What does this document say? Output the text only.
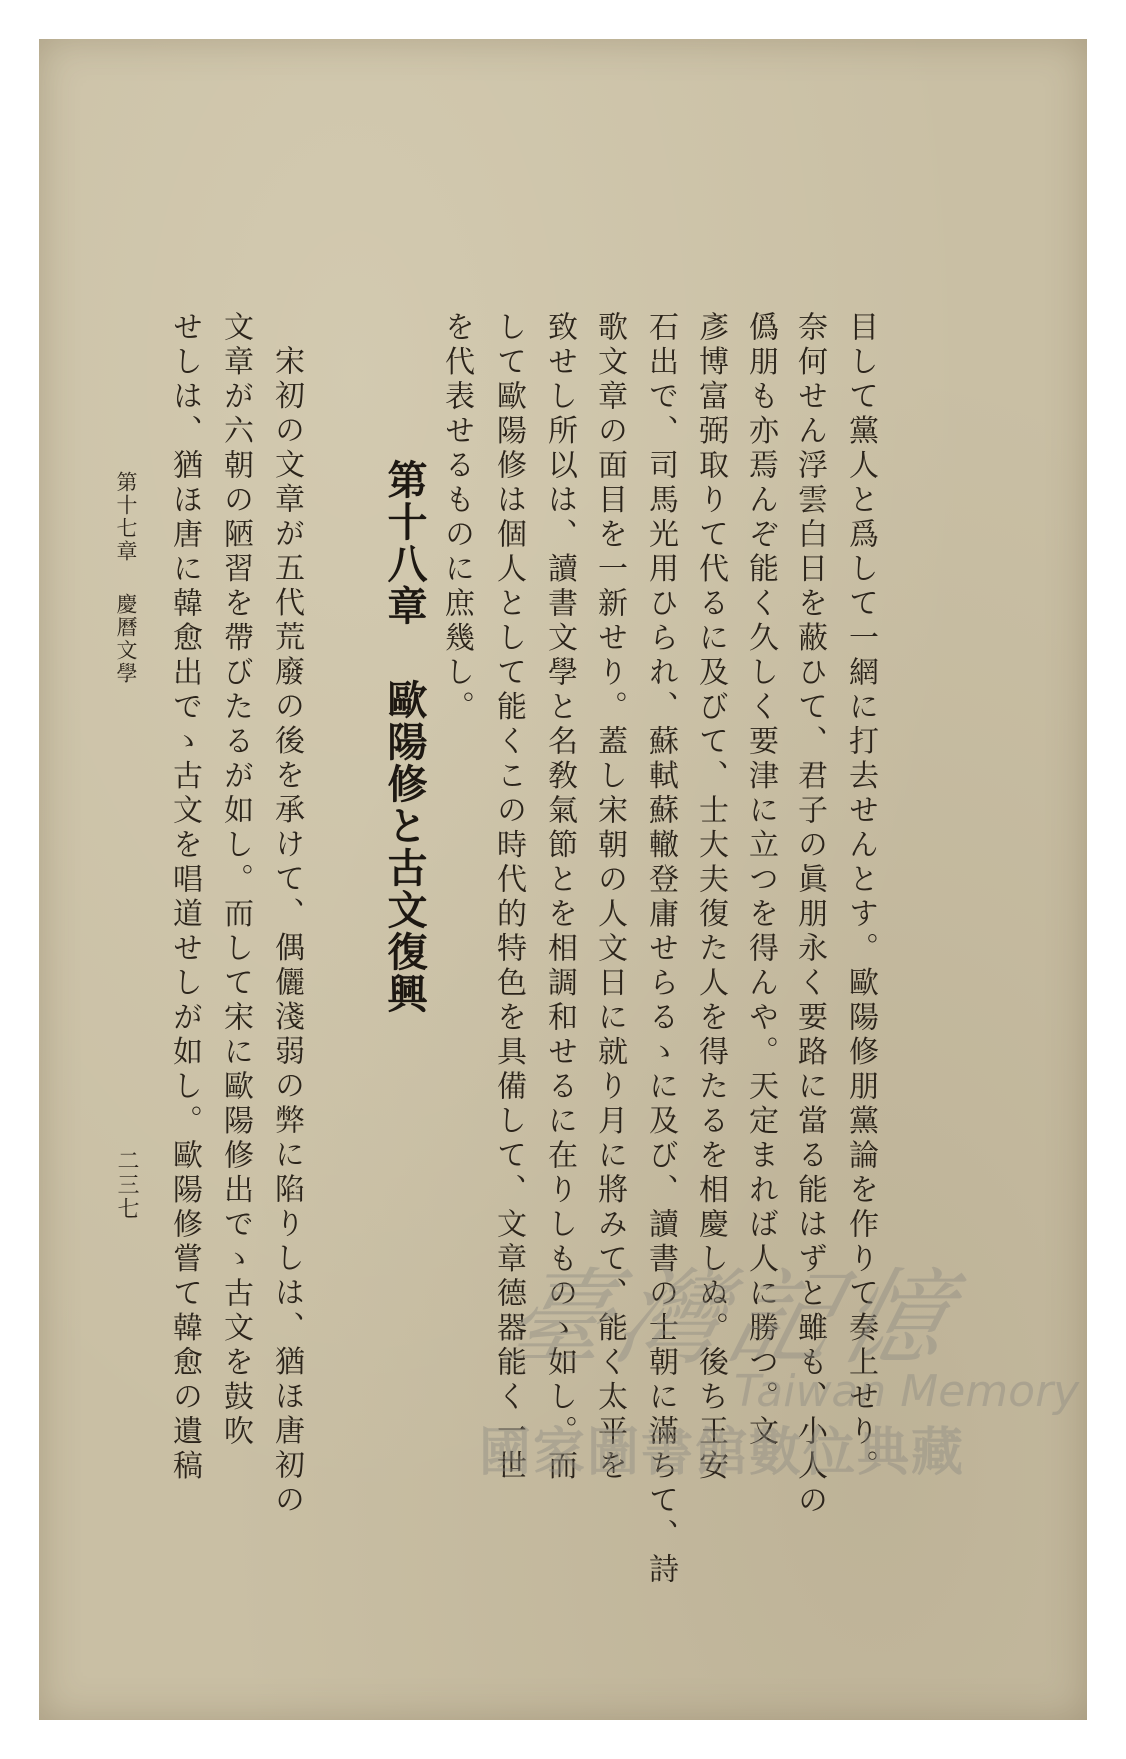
目して黨人と爲して一網に打去せんとす。歐陽修朋黨論を作りて奏上せり。
奈何せん浮雲白日を蔽ひて、君子の眞朋永く要路に當る能はずと雖も、小人の
僞朋も亦焉んぞ能く久しく要津に立つを得んや。天定まれば人に勝つ。文
彥博富弼取りて代るに及びて、士大夫復た人を得たるを相慶しぬ。後ち王安
石出で、司馬光用ひられ、蘇軾蘇轍登庸せらるゝに及び、讀書の士朝に滿ちて、詩
歌文章の面目を一新せり。蓋し宋朝の人文日に就り月に將みて、能く太平を
致せし所以は、讀書文學と名敎氣節とを相調和せるに在りしものゝ如し。而
して歐陽修は個人として能くこの時代的特色を具備して、文章德器能く一世
を代表せるものに庶幾し。
第十八章歐陽修と古文復興
宋初の文章が五代荒廢の後を承けて、偶儷淺弱の弊に陷りしは、猶ほ唐初の
文章が六朝の陋習を帶びたるが如し。而して宋に歐陽修出でゝ古文を鼓吹
せしは、猶ほ唐に韓愈出でゝ古文を唱道せしが如し。歐陽修嘗て韓愈の遺稿
第十七章慶曆文學
二三七
臺灣記憶
Taiwan Memory
國家圖書館數位典藏
